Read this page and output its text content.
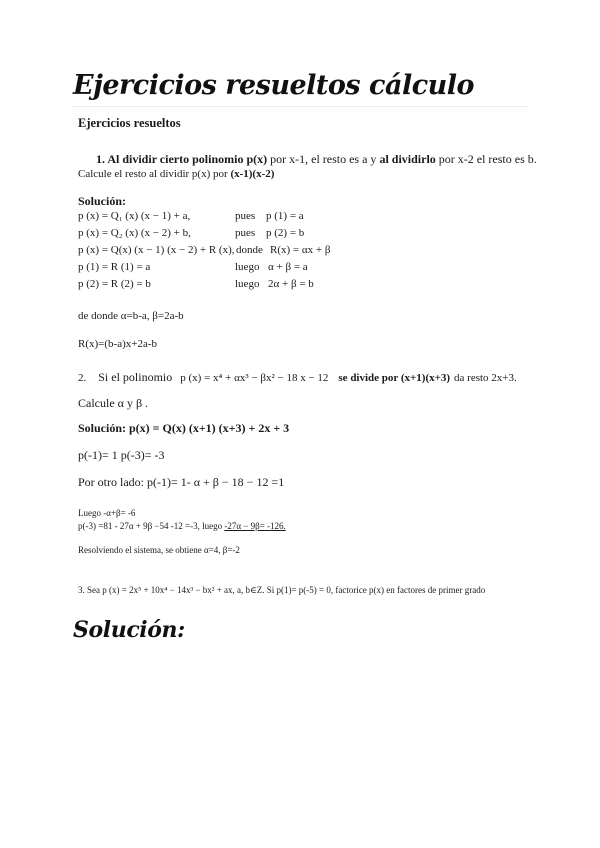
Ejercicios resueltos cálculo
Ejercicios resueltos
1. Al dividir cierto polinomio p(x) por x-1, el resto es a y al dividirlo por x-2 el resto es b.
Calcule el resto al dividir p(x) por (x-1)(x-2)
Solución:
p (x) = Q₁ (x) (x − 1) + a,	pues p (1) = a
p (x) = Q₂ (x) (x − 2) + b,	pues p (2) = b
p (x) = Q(x) (x − 1) (x − 2) + R (x), donde R(x) = αx + β
p (1) = R (1) = a	luego α + β = a
p (2) = R (2) = b	luego 2α + β = b
de donde α=b-a, β=2a-b
R(x)=(b-a)x+2a-b
2. Si el polinomio p (x) = x⁴ + αx³ − βx² − 18 x − 12 se divide por (x+1)(x+3) da resto 2x+3.
Calcule α y β .
Solución: p(x) = Q(x) (x+1) (x+3) + 2x + 3
p(-1)= 1 p(-3)= -3
Por otro lado: p(-1)= 1- α + β − 18 − 12 =1
Luego -α+β= -6
p(-3) =81 - 27α + 9β −54 -12 =-3, luego -27α − 9β= -126.
Resolviendo el sistema, se obtiene α=4, β=-2
3. Sea p (x) = 2x⁵ + 10x⁴ − 14x³ − bx² + ax, a, b∈Z. Si p(1)= p(-5) = 0, factorice p(x) en factores de primer grado
Solución:
